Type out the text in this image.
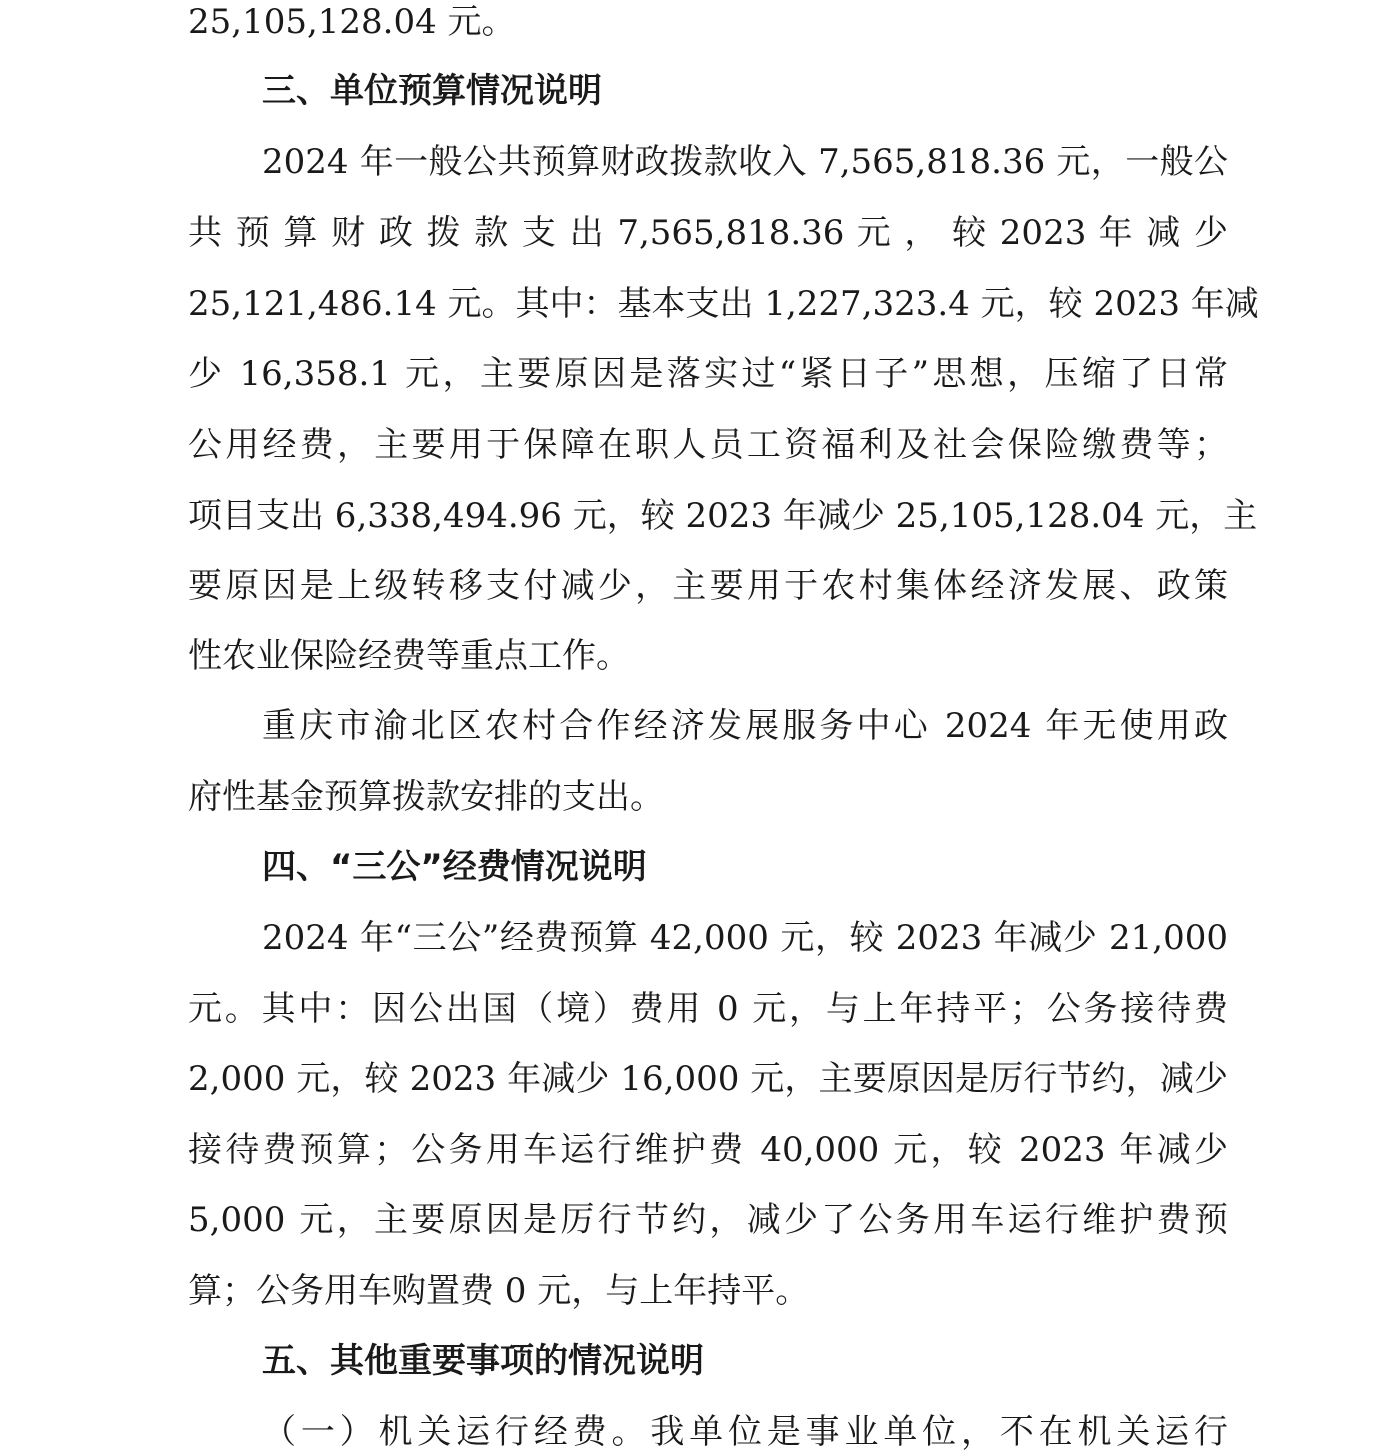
25,105,128.04 元。
三、单位预算情况说明
2024 年一般公共预算财政拨款收入 7,565,818.36 元，一般公
共 预 算 财 政 拨 款 支 出 7,565,818.36 元 ， 较 2023 年 减 少
25,121,486.14 元。其中：基本支出 1,227,323.4 元，较 2023 年减
少 16,358.1 元，主要原因是落实过“紧日子”思想，压缩了日常
公用经费，主要用于保障在职人员工资福利及社会保险缴费等；
项目支出 6,338,494.96 元，较 2023 年减少 25,105,128.04 元，主
要原因是上级转移支付减少，主要用于农村集体经济发展、政策
性农业保险经费等重点工作。
重庆市渝北区农村合作经济发展服务中心 2024 年无使用政
府性基金预算拨款安排的支出。
四、“三公”经费情况说明
2024 年“三公”经费预算 42,000 元，较 2023 年减少 21,000
元。其中：因公出国（境）费用 0 元，与上年持平；公务接待费
2,000 元，较 2023 年减少 16,000 元，主要原因是厉行节约，减少
接待费预算；公务用车运行维护费 40,000 元，较 2023 年减少
5,000 元，主要原因是厉行节约，减少了公务用车运行维护费预
算；公务用车购置费 0 元，与上年持平。
五、其他重要事项的情况说明
（一）机关运行经费。我单位是事业单位，不在机关运行
